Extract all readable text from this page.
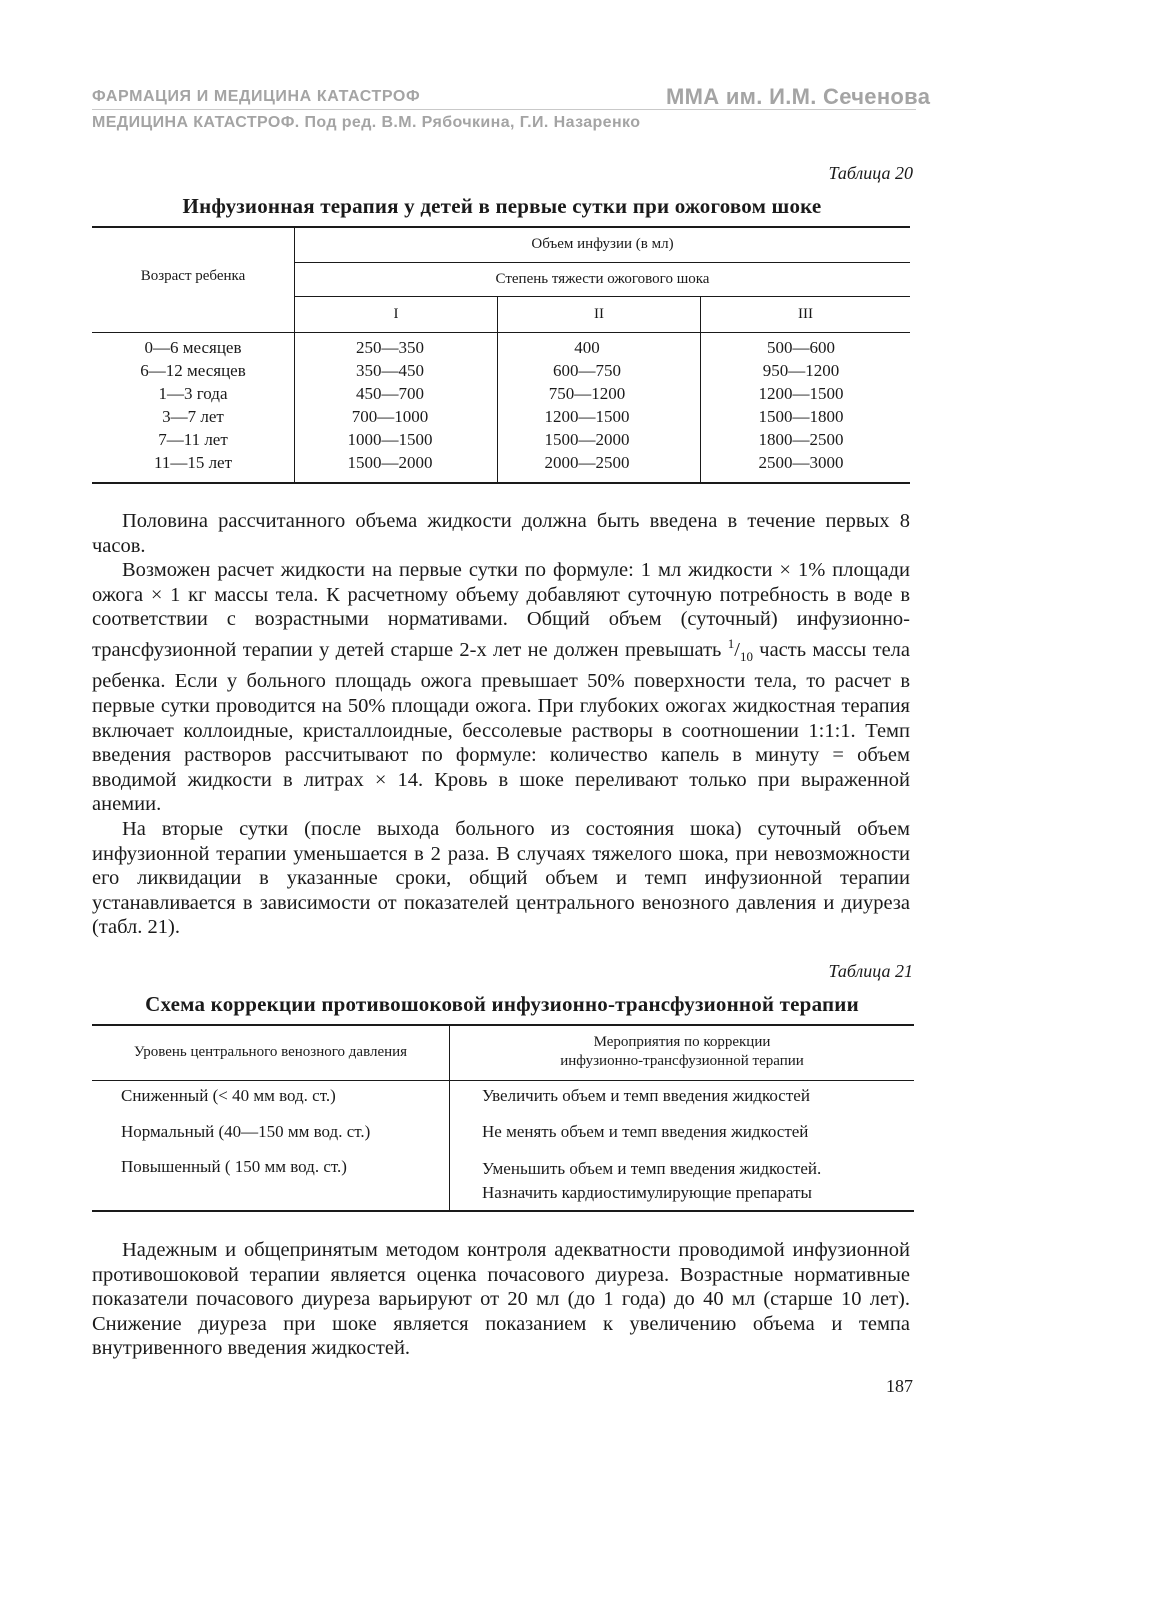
ФАРМАЦИЯ И МЕДИЦИНА КАТАСТРОФ	ММА им. И.М. Сеченова
МЕДИЦИНА КАТАСТРОФ. Под ред. В.М. Рябочкина, Г.И. Назаренко
Таблица 20
Инфузионная терапия у детей в первые сутки при ожоговом шоке
Возраст ребенка
Объем инфузии (в мл)
Степень тяжести ожогового шока
I	II	III
0—6 месяцев	250—350	400	500—600
6—12 месяцев	350—450	600—750	950—1200
1—3 года	450—700	750—1200	1200—1500
3—7 лет	700—1000	1200—1500	1500—1800
7—11 лет	1000—1500	1500—2000	1800—2500
11—15 лет	1500—2000	2000—2500	2500—3000

Половина рассчитанного объема жидкости должна быть введена в течение первых 8 часов.

Возможен расчет жидкости на первые сутки по формуле: 1 мл жидкости × 1% площади ожога × 1 кг массы тела. К расчетному объему добавляют суточную потребность в воде в соответствии с возрастными нормативами. Общий объем (суточный) инфузионно-трансфузионной терапии у детей старше 2-х лет не должен превышать $^1/_{10}$ часть массы тела ребенка. Если у больного площадь ожога превышает 50% поверхности тела, то расчет в первые сутки проводится на 50% площади ожога. При глубоких ожогах жидкостная терапия включает коллоидные, кристаллоидные, бессолевые растворы в соотношении 1:1:1. Темп введения растворов рассчитывают по формуле: количество капель в минуту = объем вводимой жидкости в литрах × 14. Кровь в шоке переливают только при выраженной анемии.

На вторые сутки (после выхода больного из состояния шока) суточный объем инфузионной терапии уменьшается в 2 раза. В случаях тяжелого шока, при невозможности его ликвидации в указанные сроки, общий объем и темп инфузионной терапии устанавливается в зависимости от показателей центрального венозного давления и диуреза (табл. 21).

Таблица 21
Схема коррекции противошоковой инфузионно-трансфузионной терапии
Уровень центрального венозного давления
Мероприятия по коррекции
инфузионно-трансфузионной терапии
Сниженный (< 40 мм вод. ст.)	Увеличить объем и темп введения жидкостей
Нормальный (40—150 мм вод. ст.)	Не менять объем и темп введения жидкостей
Повышенный ( 150 мм вод. ст.)	Уменьшить объем и темп введения жидкостей.
Назначить кардиостимулирующие препараты

Надежным и общепринятым методом контроля адекватности проводимой инфузионной противошоковой терапии является оценка почасового диуреза. Возрастные нормативные показатели почасового диуреза варьируют от 20 мл (до 1 года) до 40 мл (старше 10 лет). Снижение диуреза при шоке является показанием к увеличению объема и темпа внутривенного введения жидкостей.

187
